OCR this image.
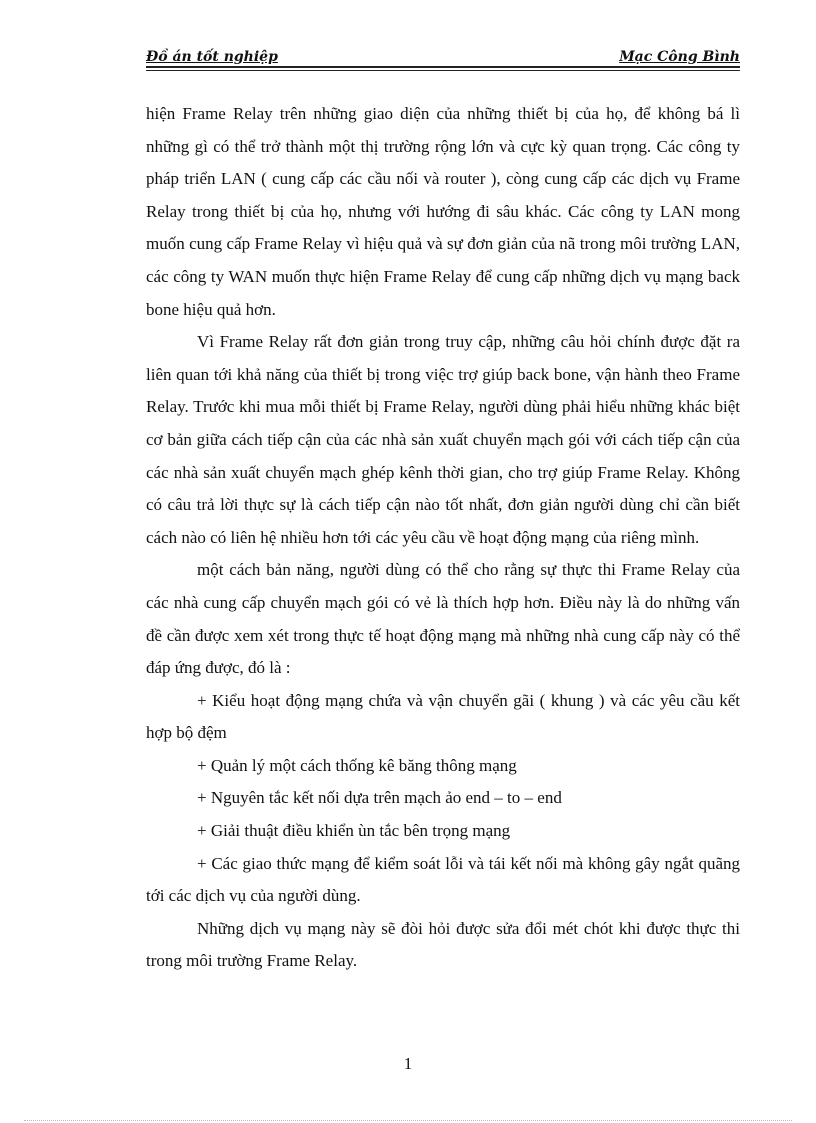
Đồ án tốt nghiệp	Mạc Công Bình

hiện Frame Relay trên những giao diện của những thiết bị của họ, để không bá lì những gì có thể trở thành một thị trường rộng lớn và cực kỳ quan trọng. Các công ty pháp triển LAN ( cung cấp các cầu nối và router ), còng cung cấp các dịch vụ Frame Relay trong thiết bị của họ, nhưng với hướng đi sâu khác. Các công ty LAN mong muốn cung cấp Frame Relay vì hiệu quả và sự đơn giản của nã trong môi trường LAN, các công ty WAN muốn thực hiện Frame Relay để cung cấp những dịch vụ mạng back bone hiệu quả hơn.

Vì Frame Relay rất đơn giản trong truy cập, những câu hỏi chính được đặt ra liên quan tới khả năng của thiết bị trong việc trợ giúp back bone, vận hành theo Frame Relay. Trước khi mua mỗi thiết bị Frame Relay, người dùng phải hiểu những khác biệt cơ bản giữa cách tiếp cận của các nhà sản xuất chuyển mạch gói với cách tiếp cận của các nhà sản xuất chuyển mạch ghép kênh thời gian, cho trợ giúp Frame Relay. Không có câu trả lời thực sự là cách tiếp cận nào tốt nhất, đơn giản người dùng chỉ cần biết cách nào có liên hệ nhiều hơn tới các yêu cầu về hoạt động mạng của riêng mình.

một cách bản năng, người dùng có thể cho rằng sự thực thi Frame Relay của các nhà cung cấp chuyển mạch gói có vẻ là thích hợp hơn. Điều này là do những vấn đề cần được xem xét trong thực tế hoạt động mạng mà những nhà cung cấp này có thể đáp ứng được, đó là :

+ Kiểu hoạt động mạng chứa và vận chuyển gãi ( khung ) và các yêu cầu kết hợp bộ đệm

+ Quản lý một cách thống kê băng thông mạng

+ Nguyên tắc kết nối dựa trên mạch ảo end – to – end

+ Giải thuật điều khiển ùn tắc bên trọng mạng

+ Các giao thức mạng để kiểm soát lỗi và tái kết nối mà không gây ngắt quãng tới các dịch vụ của người dùng.

Những dịch vụ mạng này sẽ đòi hỏi được sửa đổi mét chót khi được thực thi trong môi trường Frame Relay.

1
